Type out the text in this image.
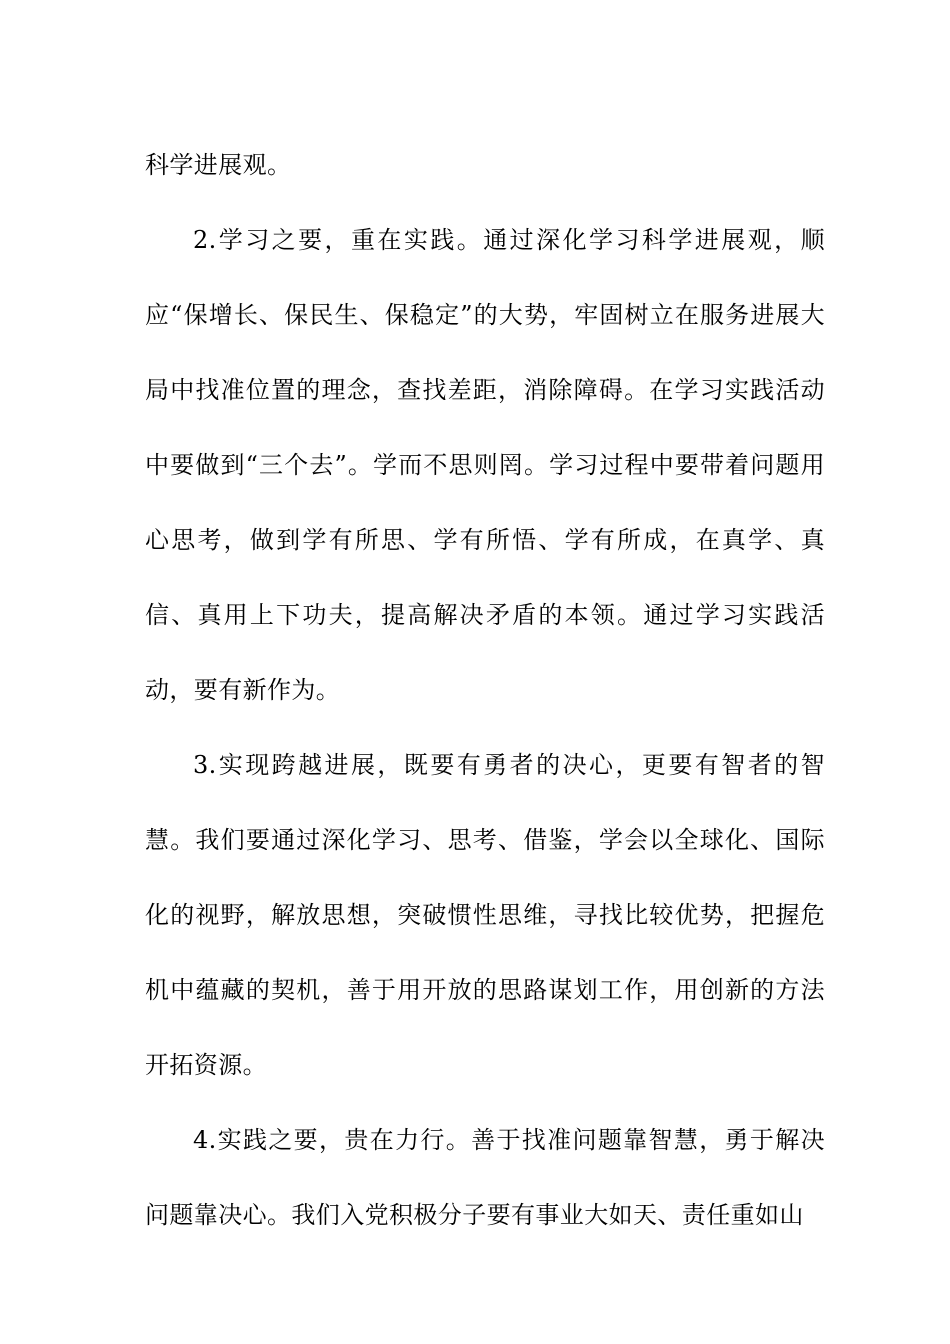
科学进展观。

2.学习之要，重在实践。通过深化学习科学进展观，顺应“保增长、保民生、保稳定”的大势，牢固树立在服务进展大局中找准位置的理念，查找差距，消除障碍。在学习实践活动中要做到“三个去”。学而不思则罔。学习过程中要带着问题用心思考，做到学有所思、学有所悟、学有所成，在真学、真信、真用上下功夫，提高解决矛盾的本领。通过学习实践活动，要有新作为。

3.实现跨越进展，既要有勇者的决心，更要有智者的智慧。我们要通过深化学习、思考、借鉴，学会以全球化、国际化的视野，解放思想，突破惯性思维，寻找比较优势，把握危机中蕴藏的契机，善于用开放的思路谋划工作，用创新的方法开拓资源。

4.实践之要，贵在力行。善于找准问题靠智慧，勇于解决问题靠决心。我们入党积极分子要有事业大如天、责任重如山
